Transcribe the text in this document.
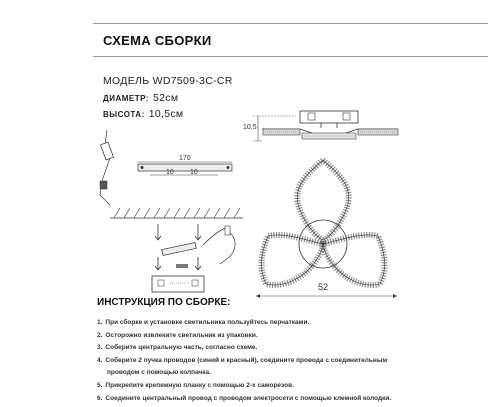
СХЕМА СБОРКИ
МОДЕЛЬ WD7509-3C-CR
ДИАМЕТР: 52см
ВЫСОТА: 10,5см
10,5
170
10 10
52
ИНСТРУКЦИЯ ПО СБОРКЕ:
1. При сборке и установке светильника пользуйтесь перчатками.
2. Осторожно извлеките светильник из упаковки.
3. Соберите центральную часть, согласно схеме.
4. Соберите 2 пучка проводов (синий и красный), соедините провода с соединительным
проводом с помощью колпачка.
5. Прикрепите крепежную планку с помощью 2-х саморезов.
6. Соедините центральный провод с проводом электросети с помощью клемной колодки.
